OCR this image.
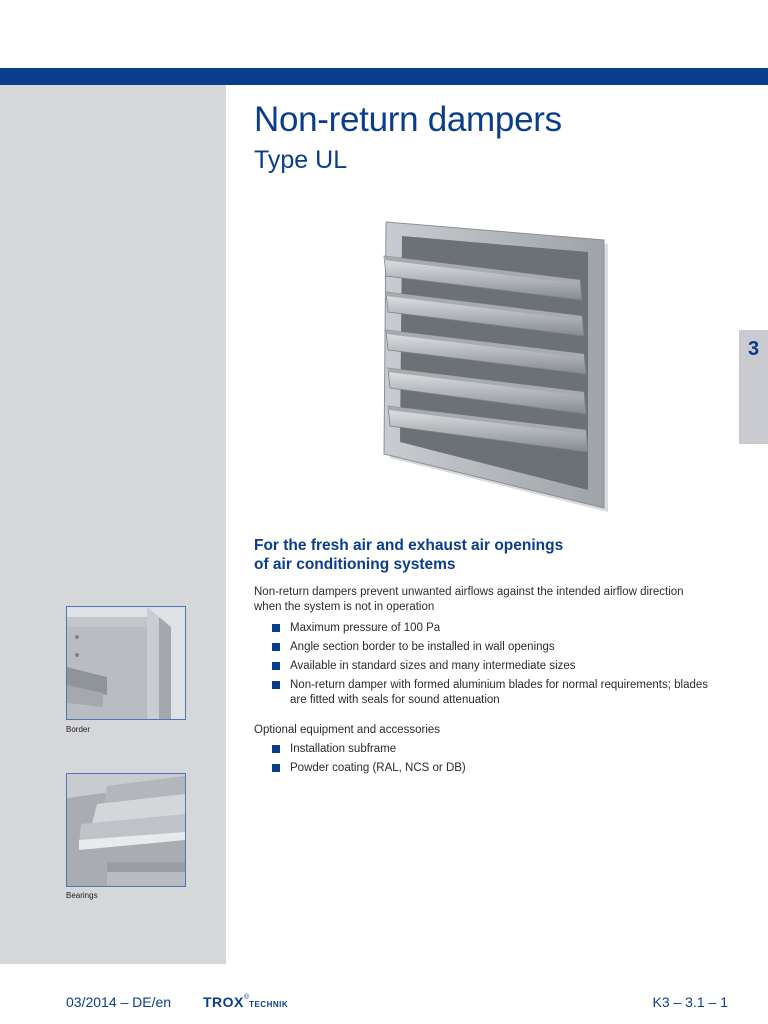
Non-return dampers
Type UL
3
For the fresh air and exhaust air openings
of air conditioning systems

Non-return dampers prevent unwanted airflows against the intended airflow direction when the system is not in operation

Maximum pressure of 100 Pa
Angle section border to be installed in wall openings
Available in standard sizes and many intermediate sizes
Non-return damper with formed aluminium blades for normal requirements; blades are fitted with seals for sound attenuation

Optional equipment and accessories

Installation subframe
Powder coating (RAL, NCS or DB)
Border
Bearings
03/2014 – DE/en TROX®TECHNIK	K3 – 3.1 – 1
